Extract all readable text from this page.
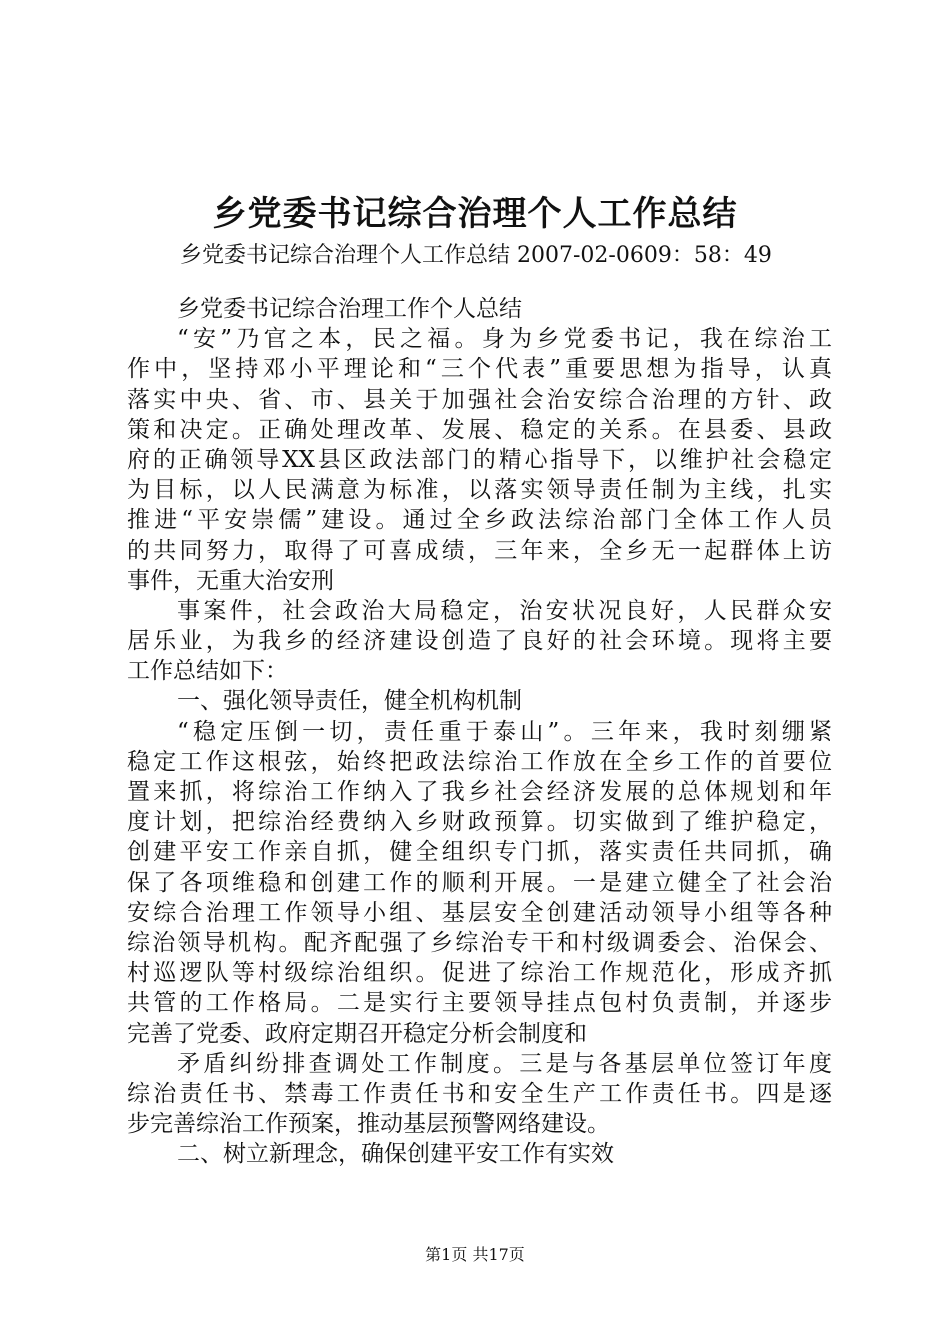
乡党委书记综合治理个人工作总结
乡党委书记综合治理个人工作总结 2007-02-0609：58：49
乡党委书记综合治理工作个人总结
“安”乃官之本，民之福。身为乡党委书记，我在综治工
作中，坚持邓小平理论和“三个代表”重要思想为指导，认真
落实中央、省、市、县关于加强社会治安综合治理的方针、政
策和决定。正确处理改革、发展、稳定的关系。在县委、县政
府的正确领导XX县区政法部门的精心指导下，以维护社会稳定
为目标，以人民满意为标准，以落实领导责任制为主线，扎实
推进“平安崇儒”建设。通过全乡政法综治部门全体工作人员
的共同努力，取得了可喜成绩，三年来，全乡无一起群体上访
事件，无重大治安刑
事案件，社会政治大局稳定，治安状况良好，人民群众安
居乐业，为我乡的经济建设创造了良好的社会环境。现将主要
工作总结如下：
一、强化领导责任，健全机构机制
“稳定压倒一切，责任重于泰山”。三年来，我时刻绷紧
稳定工作这根弦，始终把政法综治工作放在全乡工作的首要位
置来抓，将综治工作纳入了我乡社会经济发展的总体规划和年
度计划，把综治经费纳入乡财政预算。切实做到了维护稳定，
创建平安工作亲自抓，健全组织专门抓，落实责任共同抓，确
保了各项维稳和创建工作的顺利开展。一是建立健全了社会治
安综合治理工作领导小组、基层安全创建活动领导小组等各种
综治领导机构。配齐配强了乡综治专干和村级调委会、治保会、
村巡逻队等村级综治组织。促进了综治工作规范化，形成齐抓
共管的工作格局。二是实行主要领导挂点包村负责制，并逐步
完善了党委、政府定期召开稳定分析会制度和
矛盾纠纷排查调处工作制度。三是与各基层单位签订年度
综治责任书、禁毒工作责任书和安全生产工作责任书。四是逐
步完善综治工作预案，推动基层预警网络建设。
二、树立新理念，确保创建平安工作有实效
第1页 共17页
